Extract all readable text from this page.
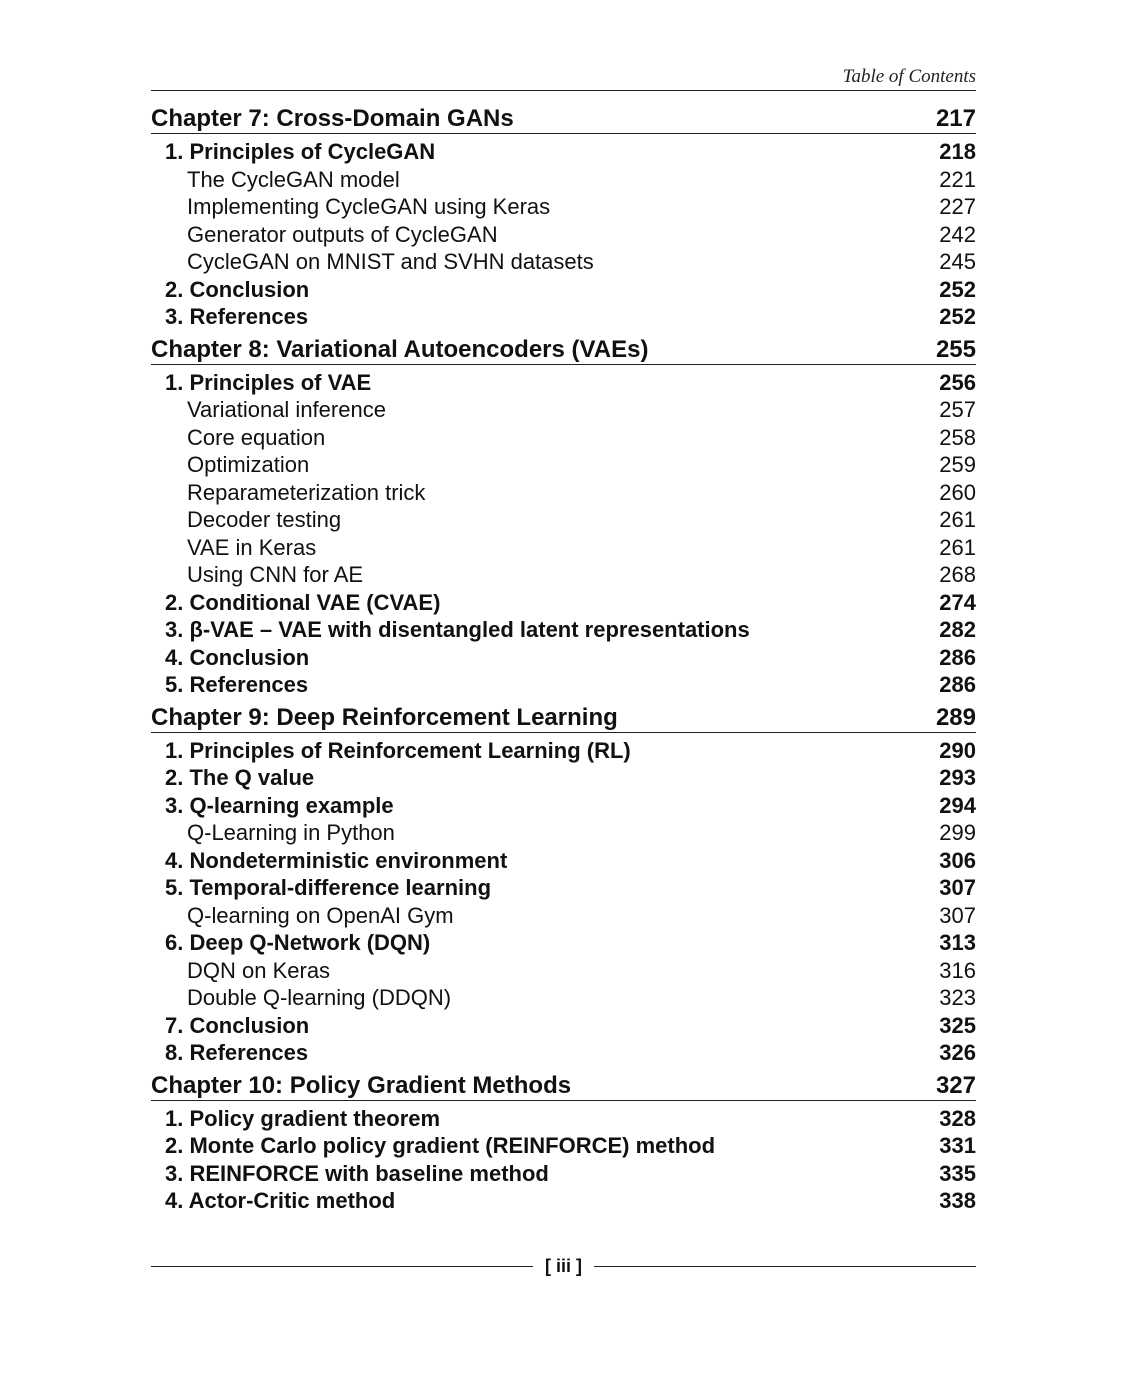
Table of Contents
Chapter 7: Cross-Domain GANs	217
1. Principles of CycleGAN	218
The CycleGAN model	221
Implementing CycleGAN using Keras	227
Generator outputs of CycleGAN	242
CycleGAN on MNIST and SVHN datasets	245
2. Conclusion	252
3. References	252
Chapter 8: Variational Autoencoders (VAEs)	255
1. Principles of VAE	256
Variational inference	257
Core equation	258
Optimization	259
Reparameterization trick	260
Decoder testing	261
VAE in Keras	261
Using CNN for AE	268
2. Conditional VAE (CVAE)	274
3. β-VAE – VAE with disentangled latent representations	282
4. Conclusion	286
5. References	286
Chapter 9: Deep Reinforcement Learning	289
1. Principles of Reinforcement Learning (RL)	290
2. The Q value	293
3. Q-learning example	294
Q-Learning in Python	299
4. Nondeterministic environment	306
5. Temporal-difference learning	307
Q-learning on OpenAI Gym	307
6. Deep Q-Network (DQN)	313
DQN on Keras	316
Double Q-learning (DDQN)	323
7. Conclusion	325
8. References	326
Chapter 10: Policy Gradient Methods	327
1. Policy gradient theorem	328
2. Monte Carlo policy gradient (REINFORCE) method	331
3. REINFORCE with baseline method	335
4. Actor-Critic method	338
[ iii ]
